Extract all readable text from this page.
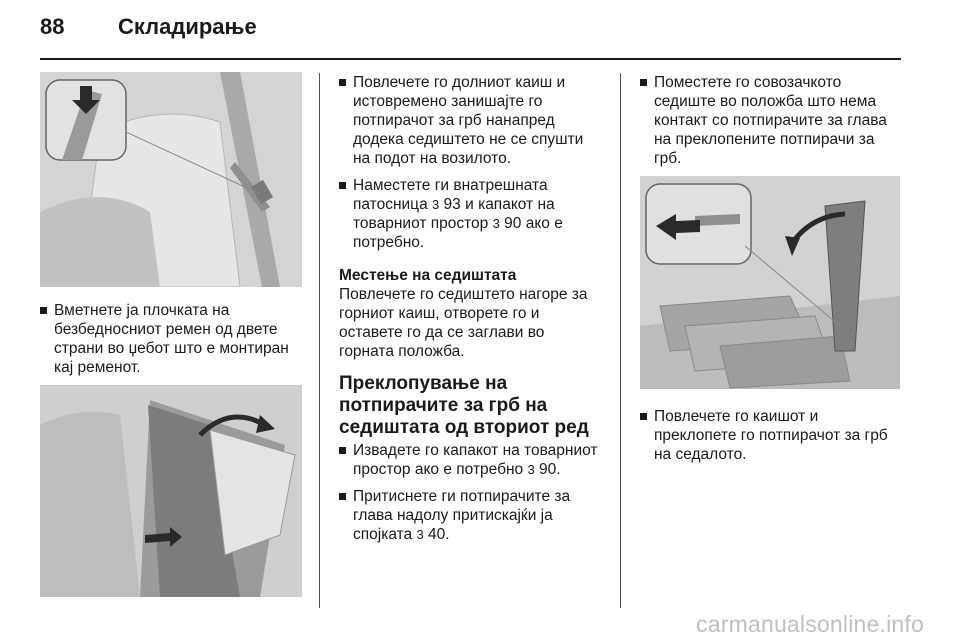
88 Складирање

Вметнете ја плочката на безбедносниот ремен од двете страни во џебот што е монтиран кај ременот.

Повлечете го долниот каиш и истовремено занишајте го потпирачот за грб нанапред додека седиштето не се спушти на подот на возилото.

Наместете ги внатрешната патосница 3 93 и капакот на товарниот простор 3 90 ако е потребно.

Местење на седиштата

Повлечете го седиштето нагоре за горниот каиш, отворете го и оставете го да се заглави во горната положба.

Преклопување на потпирачите за грб на седиштата од вториот ред

Извадете го капакот на товарниот простор ако е потребно 3 90.

Притиснете ги потпирачите за глава надолу притискајќи ја спојката 3 40.

Поместете го совозачкото седиште во положба што нема контакт со потпирачите за глава на преклопените потпирачи за грб.

Повлечете го каишот и преклопете го потпирачот за грб на седалото.

carmanualsonline.info
